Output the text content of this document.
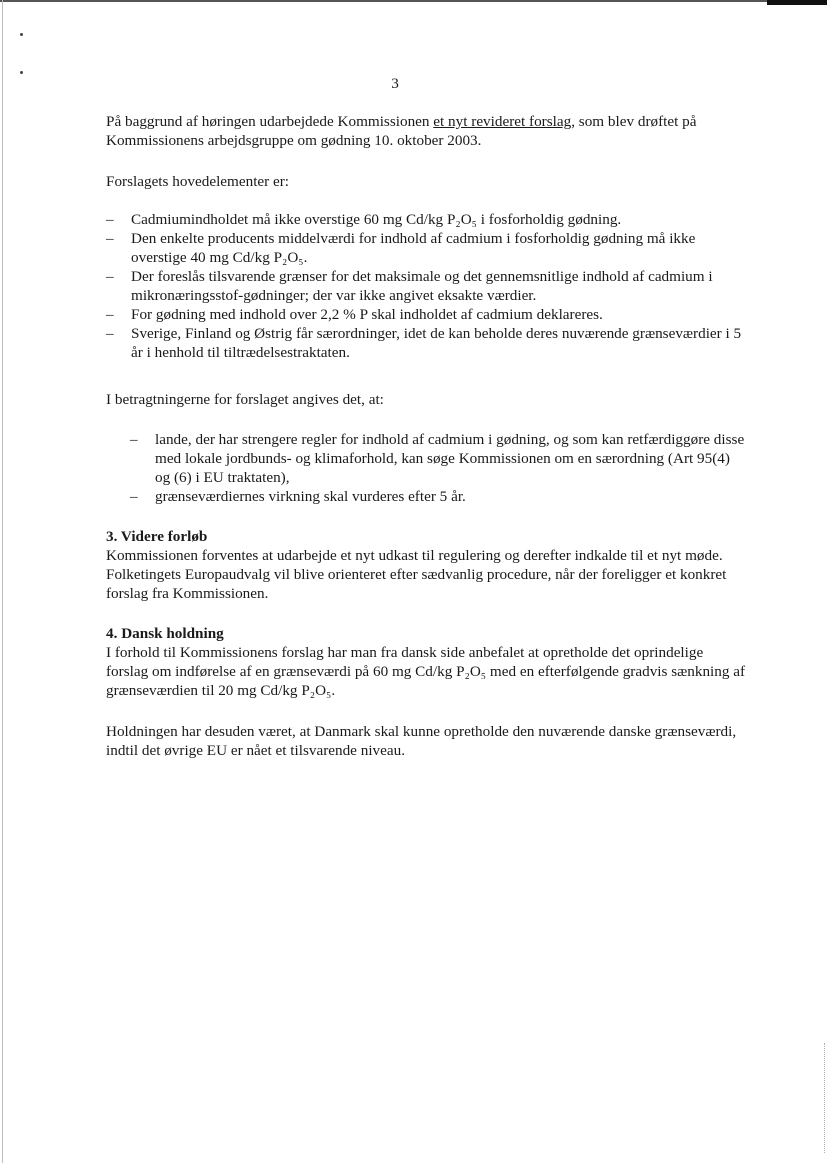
3

På baggrund af høringen udarbejdede Kommissionen et nyt revideret forslag, som blev drøftet på Kommissionens arbejdsgruppe om gødning 10. oktober 2003.

Forslagets hovedelementer er:

– Cadmiumindholdet må ikke overstige 60 mg Cd/kg P₂O₅ i fosforholdig gødning.
– Den enkelte producents middelværdi for indhold af cadmium i fosforholdig gødning må ikke overstige 40 mg Cd/kg P₂O₅.
– Der foreslås tilsvarende grænser for det maksimale og det gennemsnitlige indhold af cadmium i mikronæringsstof-gødninger; der var ikke angivet eksakte værdier.
– For gødning med indhold over 2,2 % P skal indholdet af cadmium deklareres.
– Sverige, Finland og Østrig får særordninger, idet de kan beholde deres nuværende grænseværdier i 5 år i henhold til tiltrædelsestraktaten.

I betragtningerne for forslaget angives det, at:

– lande, der har strengere regler for indhold af cadmium i gødning, og som kan retfærdiggøre disse med lokale jordbunds- og klimaforhold, kan søge Kommissionen om en særordning (Art 95(4) og (6) i EU traktaten),
– grænseværdiernes virkning skal vurderes efter 5 år.
3. Videre forløb

Kommissionen forventes at udarbejde et nyt udkast til regulering og derefter indkalde til et nyt møde. Folketingets Europaudvalg vil blive orienteret efter sædvanlig procedure, når der foreligger et konkret forslag fra Kommissionen.

4. Dansk holdning

I forhold til Kommissionens forslag har man fra dansk side anbefalet at opretholde det oprindelige forslag om indførelse af en grænseværdi på 60 mg Cd/kg P₂O₅ med en efterfølgende gradvis sænkning af grænseværdien til 20 mg Cd/kg P₂O₅.

Holdningen har desuden været, at Danmark skal kunne opretholde den nuværende danske grænseværdi, indtil det øvrige EU er nået et tilsvarende niveau.
